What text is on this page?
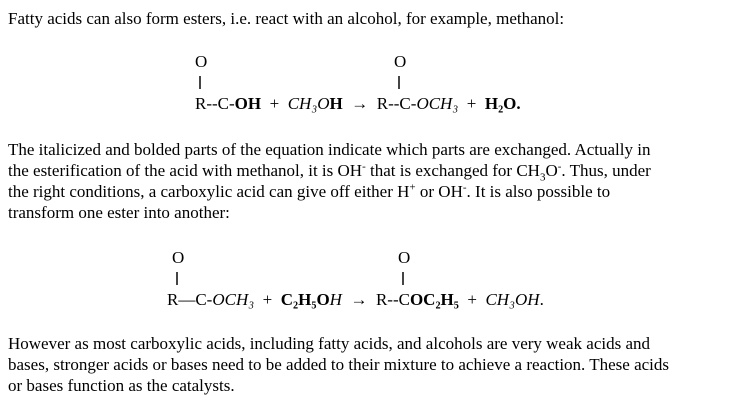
Fatty acids can also form esters, i.e. react with an alcohol, for example, methanol:

O
||
O
||
R--C-OH + CH₃OH → R--C-OCH₃ + H₂O.
The italicized and bolded parts of the equation indicate which parts are exchanged. Actually in
the esterification of the acid with methanol, it is OH- that is exchanged for $CH_3O^-$. Thus, under
the right conditions, a carboxylic acid can give off either H+ or OH-. It is also possible to
transform one ester into another:
O
||
O
||
R—C-OCH₃ + C₂H₅OH → R--COC₂H₅ + CH₃OH.
However as most carboxylic acids, including fatty acids, and alcohols are very weak acids and
bases, stronger acids or bases need to be added to their mixture to achieve a reaction. These acids
or bases function as the catalysts.
